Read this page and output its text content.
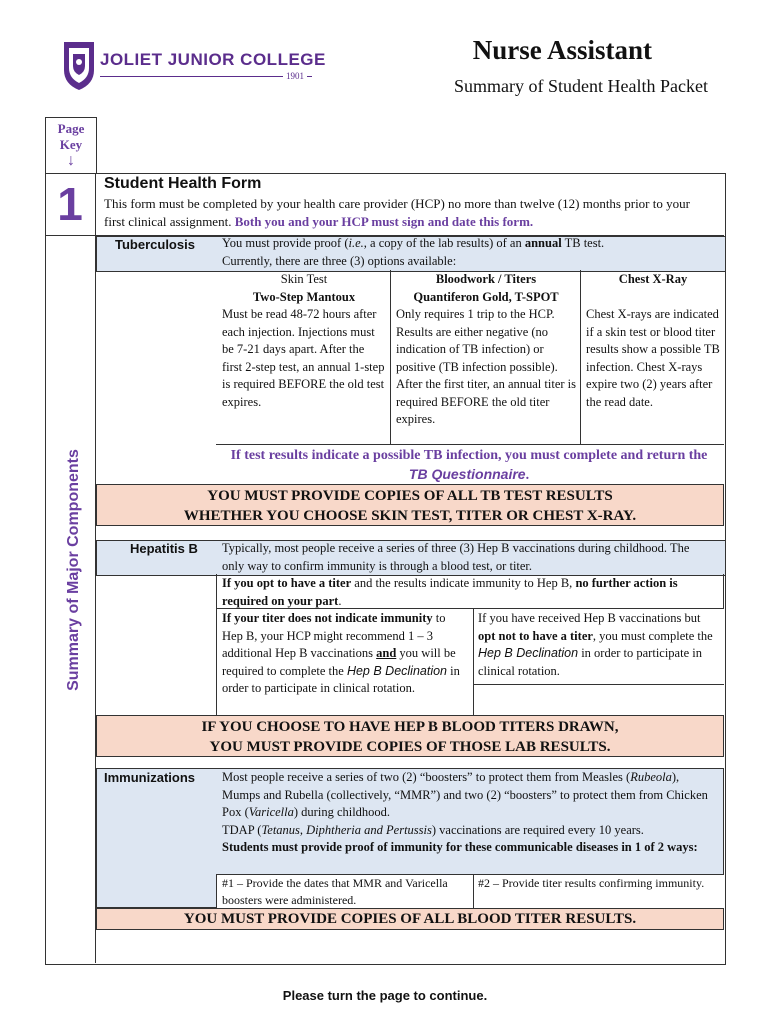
JOLIET JUNIOR COLLEGE
1901
Nurse Assistant
Summary of Student Health Packet
Page
Key
↓
1
Summary of Major Components
Student Health Form
This form must be completed by your health care provider (HCP) no more than twelve (12) months prior to your first clinical assignment. Both you and your HCP must sign and date this form.
Tuberculosis You must provide proof (i.e., a copy of the lab results) of an annual TB test.
Currently, there are three (3) options available:
Skin Test
Two-Step Mantoux
Must be read 48-72 hours after each injection. Injections must be 7-21 days apart. After the first 2-step test, an annual 1-step is required BEFORE the old test expires.
Bloodwork / Titers
Quantiferon Gold, T-SPOT
Only requires 1 trip to the HCP. Results are either negative (no indication of TB infection) or positive (TB infection possible). After the first titer, an annual titer is required BEFORE the old titer expires.
Chest X-Ray
Chest X-rays are indicated if a skin test or blood titer results show a possible TB infection. Chest X-rays expire two (2) years after the read date.
If test results indicate a possible TB infection, you must complete and return the TB Questionnaire.
YOU MUST PROVIDE COPIES OF ALL TB TEST RESULTS
WHETHER YOU CHOOSE SKIN TEST, TITER OR CHEST X-RAY.
Hepatitis B Typically, most people receive a series of three (3) Hep B vaccinations during childhood. The only way to confirm immunity is through a blood test, or titer.
If you opt to have a titer and the results indicate immunity to Hep B, no further action is required on your part.
If your titer does not indicate immunity to Hep B, your HCP might recommend 1 – 3 additional Hep B vaccinations and you will be required to complete the Hep B Declination in order to participate in clinical rotation.
If you have received Hep B vaccinations but opt not to have a titer, you must complete the Hep B Declination in order to participate in clinical rotation.
IF YOU CHOOSE TO HAVE HEP B BLOOD TITERS DRAWN,
YOU MUST PROVIDE COPIES OF THOSE LAB RESULTS.
Immunizations Most people receive a series of two (2) “boosters” to protect them from Measles (Rubeola), Mumps and Rubella (collectively, “MMR”) and two (2) “boosters” to protect them from Chicken Pox (Varicella) during childhood.
TDAP (Tetanus, Diphtheria and Pertussis) vaccinations are required every 10 years.
Students must provide proof of immunity for these communicable diseases in 1 of 2 ways:
#1 – Provide the dates that MMR and Varicella boosters were administered.
#2 – Provide titer results confirming immunity.
YOU MUST PROVIDE COPIES OF ALL BLOOD TITER RESULTS.
Please turn the page to continue.
